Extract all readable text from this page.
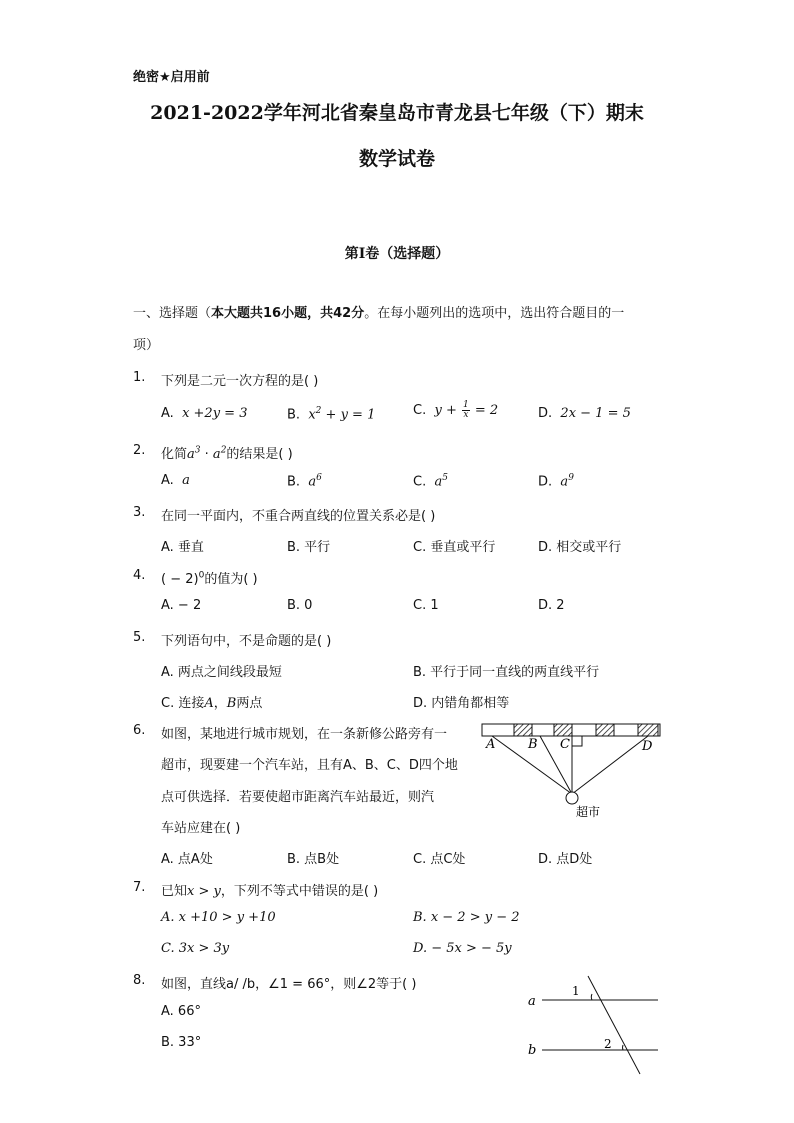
绝密★启用前
2021-2022学年河北省秦皇岛市青龙县七年级（下）期末
数学试卷
第I卷（选择题）
一、选择题（本大题共16小题，共42分。在每小题列出的选项中，选出符合题目的一
项）
1. 下列是二元一次方程的是( )
A. x +2y = 3	B. $x^2 + y = 1$	C. $y + \frac{1}{x} = 2$	D. 2x − 1 = 5
2. 化简$a^3 \cdot a^2$的结果是( )
A. a	B. $a^6$	C. $a^5$	D. $a^9$
3. 在同一平面内，不重合两直线的位置关系必是( )
A. 垂直	B. 平行	C. 垂直或平行	D. 相交或平行
4. ( − 2)$^0$的值为( )
A. − 2	B. 0	C. 1	D. 2
5. 下列语句中，不是命题的是( )
A. 两点之间线段最短	B. 平行于同一直线的两直线平行
C. 连接A，B两点	D. 内错角都相等
6. 如图，某地进行城市规划，在一条新修公路旁有一
超市，现要建一个汽车站，且有A、B、C、D四个地
点可供选择．若要使超市距离汽车站最近，则汽
车站应建在( )
A. 点A处	B. 点B处	C. 点C处	D. 点D处
A	B C	D
超市
7. 已知x > y，下列不等式中错误的是( )
A. x +10 > y +10	B. x − 2 > y − 2
C. 3x > 3y	D. − 5x > − 5y
8. 如图，直线a/ /b，∠1 = 66°，则∠2等于( )
A. 66°
B. 33°
a
b
1
2
